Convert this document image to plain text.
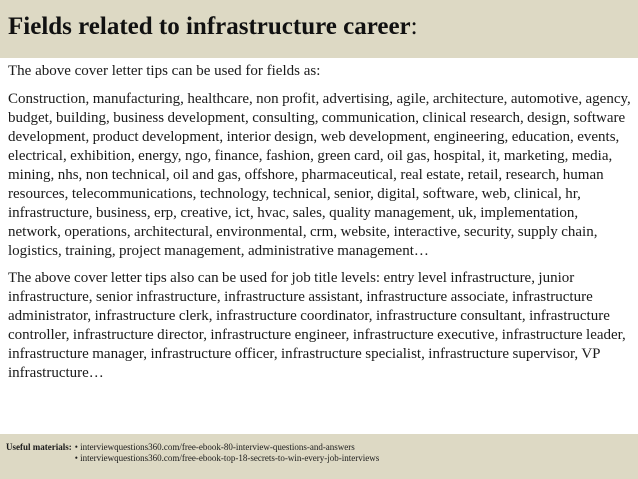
Fields related to infrastructure career:

The above cover letter tips can be used for fields as:

Construction, manufacturing, healthcare, non profit, advertising, agile, architecture, automotive, agency, budget, building, business development, consulting, communication, clinical research, design, software development, product development, interior design, web development, engineering, education, events, electrical, exhibition, energy, ngo, finance, fashion, green card, oil gas, hospital, it, marketing, media, mining, nhs, non technical, oil and gas, offshore, pharmaceutical, real estate, retail, research, human resources, telecommunications, technology, technical, senior, digital, software, web, clinical, hr, infrastructure, business, erp, creative, ict, hvac, sales, quality management, uk, implementation, network, operations, architectural, environmental, crm, website, interactive, security, supply chain, logistics, training, project management, administrative management…

The above cover letter tips also can be used for job title levels: entry level infrastructure, junior infrastructure, senior infrastructure, infrastructure assistant, infrastructure associate, infrastructure administrator, infrastructure clerk, infrastructure coordinator, infrastructure consultant, infrastructure controller, infrastructure director, infrastructure engineer, infrastructure executive, infrastructure leader, infrastructure manager, infrastructure officer, infrastructure specialist, infrastructure supervisor, VP infrastructure…

Useful materials: • interviewquestions360.com/free-ebook-80-interview-questions-and-answers
• interviewquestions360.com/free-ebook-top-18-secrets-to-win-every-job-interviews
